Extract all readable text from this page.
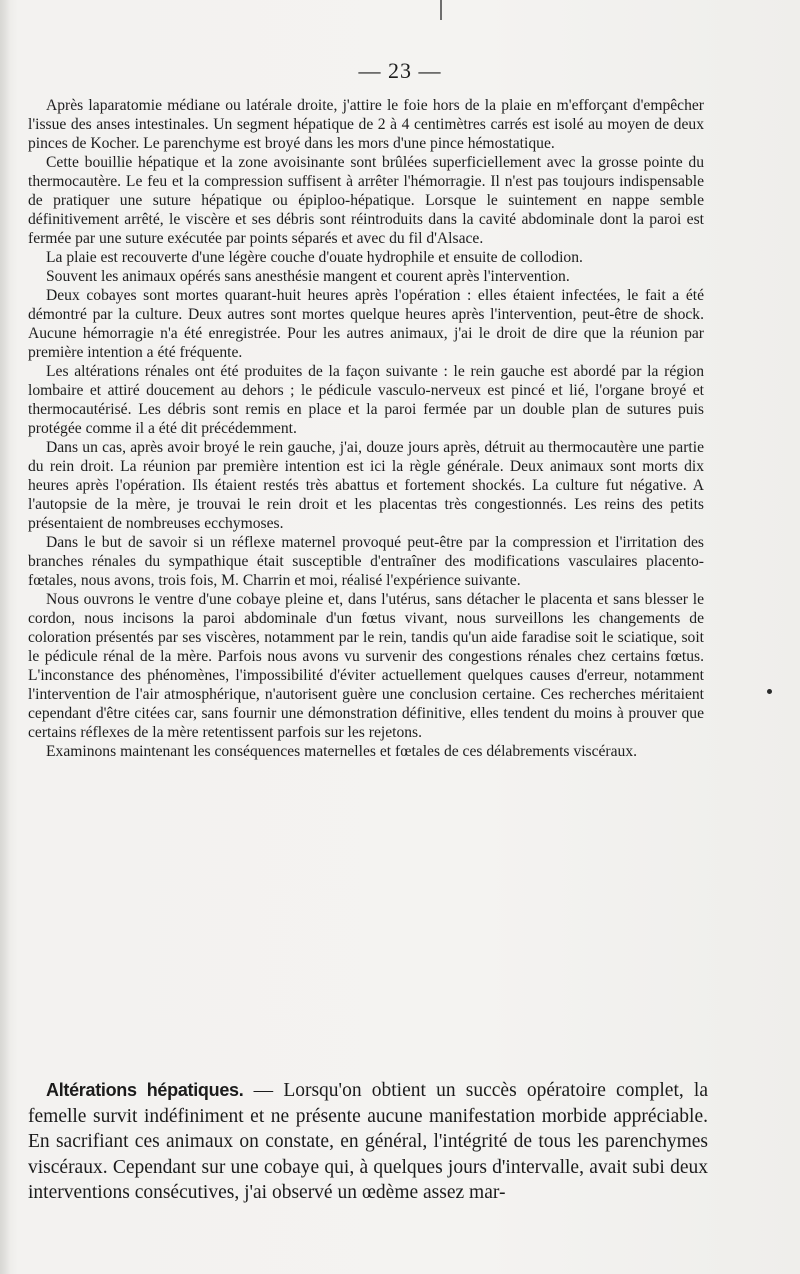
— 23 —

Après laparatomie médiane ou latérale droite, j'attire le foie hors de la plaie en m'efforçant d'empêcher l'issue des anses intestinales. Un segment hépatique de 2 à 4 centimètres carrés est isolé au moyen de deux pinces de Kocher. Le parenchyme est broyé dans les mors d'une pince hémostatique.

Cette bouillie hépatique et la zone avoisinante sont brûlées superficiellement avec la grosse pointe du thermocautère. Le feu et la compression suffisent à arrêter l'hémorragie. Il n'est pas toujours indispensable de pratiquer une suture hépatique ou épiploo-hépatique. Lorsque le suintement en nappe semble définitivement arrêté, le viscère et ses débris sont réintroduits dans la cavité abdominale dont la paroi est fermée par une suture exécutée par points séparés et avec du fil d'Alsace.

La plaie est recouverte d'une légère couche d'ouate hydrophile et ensuite de collodion.

Souvent les animaux opérés sans anesthésie mangent et courent après l'intervention.

Deux cobayes sont mortes quarant-huit heures après l'opération : elles étaient infectées, le fait a été démontré par la culture. Deux autres sont mortes quelque heures après l'intervention, peut-être de shock. Aucune hémorragie n'a été enregistrée. Pour les autres animaux, j'ai le droit de dire que la réunion par première intention a été fréquente.

Les altérations rénales ont été produites de la façon suivante : le rein gauche est abordé par la région lombaire et attiré doucement au dehors ; le pédicule vasculo-nerveux est pincé et lié, l'organe broyé et thermocautérisé. Les débris sont remis en place et la paroi fermée par un double plan de sutures puis protégée comme il a été dit précédemment.

Dans un cas, après avoir broyé le rein gauche, j'ai, douze jours après, détruit au thermocautère une partie du rein droit. La réunion par première intention est ici la règle générale. Deux animaux sont morts dix heures après l'opération. Ils étaient restés très abattus et fortement shockés. La culture fut négative. A l'autopsie de la mère, je trouvai le rein droit et les placentas très congestionnés. Les reins des petits présentaient de nombreuses ecchymoses.

Dans le but de savoir si un réflexe maternel provoqué peut-être par la compression et l'irritation des branches rénales du sympathique était susceptible d'entraîner des modifications vasculaires placento-fœtales, nous avons, trois fois, M. Charrin et moi, réalisé l'expérience suivante.

Nous ouvrons le ventre d'une cobaye pleine et, dans l'utérus, sans détacher le placenta et sans blesser le cordon, nous incisons la paroi abdominale d'un fœtus vivant, nous surveillons les changements de coloration présentés par ses viscères, notamment par le rein, tandis qu'un aide faradise soit le sciatique, soit le pédicule rénal de la mère. Parfois nous avons vu survenir des congestions rénales chez certains fœtus. L'inconstance des phénomènes, l'impossibilité d'éviter actuellement quelques causes d'erreur, notamment l'intervention de l'air atmosphérique, n'autorisent guère une conclusion certaine. Ces recherches méritaient cependant d'être citées car, sans fournir une démonstration définitive, elles tendent du moins à prouver que certains réflexes de la mère retentissent parfois sur les rejetons.

Examinons maintenant les conséquences maternelles et fœtales de ces délabrements viscéraux.

Altérations hépatiques. — Lorsqu'on obtient un succès opératoire complet, la femelle survit indéfiniment et ne présente aucune manifestation morbide appréciable. En sacrifiant ces animaux on constate, en général, l'intégrité de tous les parenchymes viscéraux. Cependant sur une cobaye qui, à quelques jours d'intervalle, avait subi deux interventions consécutives, j'ai observé un œdème assez mar-
